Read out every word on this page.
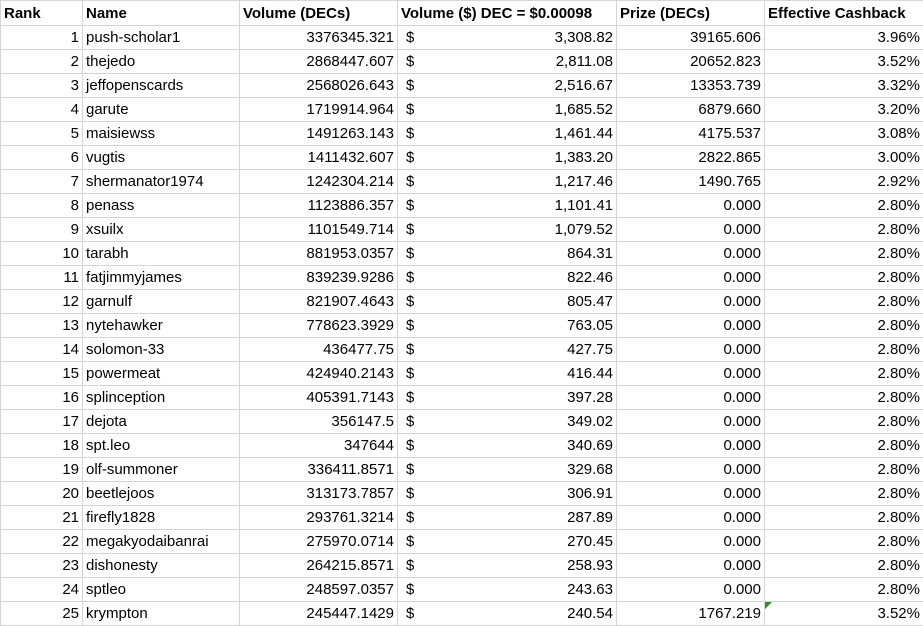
Rank	Name	Volume (DECs)	Volume ($) DEC = $0.00098	Prize (DECs)	Effective Cashback
1	push-scholar1	3376345.321	$ 3,308.82	39165.606	3.96%
2	thejedo	2868447.607	$ 2,811.08	20652.823	3.52%
3	jeffopenscards	2568026.643	$ 2,516.67	13353.739	3.32%
4	garute	1719914.964	$ 1,685.52	6879.660	3.20%
5	maisiewss	1491263.143	$ 1,461.44	4175.537	3.08%
6	vugtis	1411432.607	$ 1,383.20	2822.865	3.00%
7	shermanator1974	1242304.214	$ 1,217.46	1490.765	2.92%
8	penass	1123886.357	$ 1,101.41	0.000	2.80%
9	xsuilx	1101549.714	$ 1,079.52	0.000	2.80%
10	tarabh	881953.0357	$ 864.31	0.000	2.80%
11	fatjimmyjames	839239.9286	$ 822.46	0.000	2.80%
12	garnulf	821907.4643	$ 805.47	0.000	2.80%
13	nytehawker	778623.3929	$ 763.05	0.000	2.80%
14	solomon-33	436477.75	$ 427.75	0.000	2.80%
15	powermeat	424940.2143	$ 416.44	0.000	2.80%
16	splinception	405391.7143	$ 397.28	0.000	2.80%
17	dejota	356147.5	$ 349.02	0.000	2.80%
18	spt.leo	347644	$ 340.69	0.000	2.80%
19	olf-summoner	336411.8571	$ 329.68	0.000	2.80%
20	beetlejoos	313173.7857	$ 306.91	0.000	2.80%
21	firefly1828	293761.3214	$ 287.89	0.000	2.80%
22	megakyodaibanrai	275970.0714	$ 270.45	0.000	2.80%
23	dishonesty	264215.8571	$ 258.93	0.000	2.80%
24	sptleo	248597.0357	$ 243.63	0.000	2.80%
25	krympton	245447.1429	$ 240.54	1767.219	3.52%
